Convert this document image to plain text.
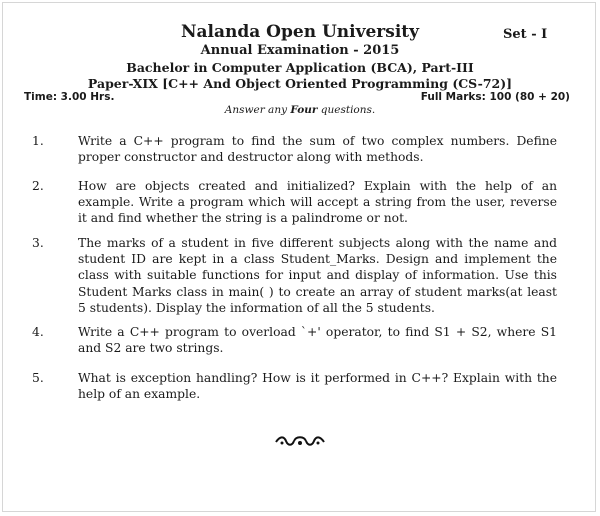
Nalanda Open University	Set - I
Annual Examination - 2015
Bachelor in Computer Application (BCA), Part-III
Paper-XIX [C++ And Object Oriented Programming (CS-72)]
Time: 3.00 Hrs.	Full Marks: 100 (80 + 20)
Answer any Four questions.
1.	Write a C++ program to find the sum of two complex numbers. Define proper constructor and destructor along with methods.
2.	How are objects created and initialized? Explain with the help of an example. Write a program which will accept a string from the user, reverse it and find whether the string is a palindrome or not.
3.	The marks of a student in five different subjects along with the name and student ID are kept in a class Student_Marks. Design and implement the class with suitable functions for input and display of information. Use this Student Marks class in main( ) to create an array of student marks(at least 5 students). Display the information of all the 5 students.
4.	Write a C++ program to overload `+' operator, to find S1 + S2, where S1 and S2 are two strings.
5.	What is exception handling? How is it performed in C++? Explain with the help of an example.
